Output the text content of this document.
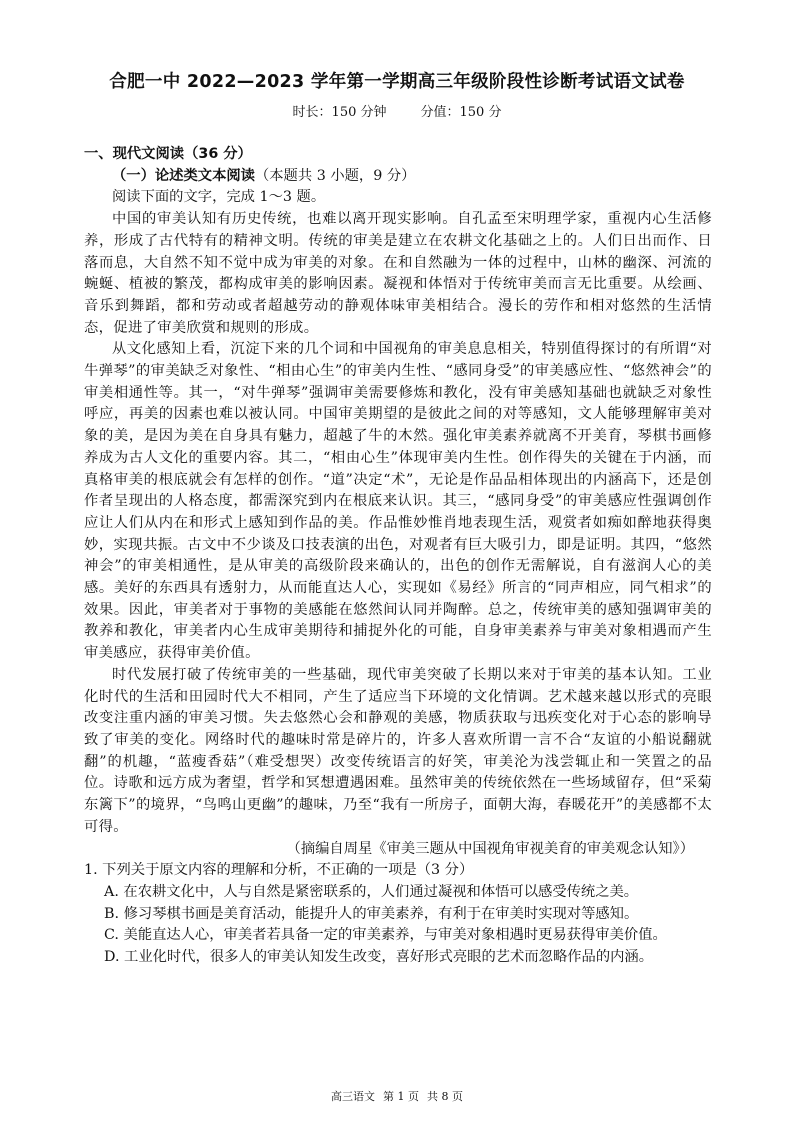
合肥一中 2022—2023 学年第一学期高三年级阶段性诊断考试语文试卷
时长：150 分钟	分值：150 分
一、现代文阅读（36 分）
（一）论述类文本阅读（本题共 3 小题，9 分）
阅读下面的文字，完成 1～3 题。

中国的审美认知有历史传统，也难以离开现实影响。自孔孟至宋明理学家，重视内心生活修养，形成了古代特有的精神文明。传统的审美是建立在农耕文化基础之上的。人们日出而作、日落而息，大自然不知不觉中成为审美的对象。在和自然融为一体的过程中，山林的幽深、河流的蜿蜒、植被的繁茂，都构成审美的影响因素。凝视和体悟对于传统审美而言无比重要。从绘画、音乐到舞蹈，都和劳动或者超越劳动的静观体味审美相结合。漫长的劳作和相对悠然的生活情态，促进了审美欣赏和规则的形成。

从文化感知上看，沉淀下来的几个词和中国视角的审美息息相关，特别值得探讨的有所谓“对牛弹琴”的审美缺乏对象性、“相由心生”的审美内生性、“感同身受”的审美感应性、“悠然神会”的审美相通性等。其一，“对牛弹琴”强调审美需要修炼和教化，没有审美感知基础也就缺乏对象性呼应，再美的因素也难以被认同。中国审美期望的是彼此之间的对等感知，文人能够理解审美对象的美，是因为美在自身具有魅力，超越了牛的木然。强化审美素养就离不开美育，琴棋书画修养成为古人文化的重要内容。其二，“相由心生”体现审美内生性。创作得失的关键在于内涵，而真格审美的根底就会有怎样的创作。“道”决定“术”，无论是作品品相体现出的内涵高下，还是创作者呈现出的人格态度，都需深究到内在根底来认识。其三，“感同身受”的审美感应性强调创作应让人们从内在和形式上感知到作品的美。作品惟妙惟肖地表现生活，观赏者如痴如醉地获得奥妙，实现共振。古文中不少谈及口技表演的出色，对观者有巨大吸引力，即是证明。其四，“悠然神会”的审美相通性，是从审美的高级阶段来确认的，出色的创作无需解说，自有滋润人心的美感。美好的东西具有透射力，从而能直达人心，实现如《易经》所言的“同声相应，同气相求”的效果。因此，审美者对于事物的美感能在悠然间认同并陶醉。总之，传统审美的感知强调审美的教养和教化，审美者内心生成审美期待和捕捉外化的可能，自身审美素养与审美对象相遇而产生审美感应，获得审美价值。

时代发展打破了传统审美的一些基础，现代审美突破了长期以来对于审美的基本认知。工业化时代的生活和田园时代大不相同，产生了适应当下环境的文化情调。艺术越来越以形式的亮眼改变注重内涵的审美习惯。失去悠然心会和静观的美感，物质获取与迅疾变化对于心态的影响导致了审美的变化。网络时代的趣味时常是碎片的，许多人喜欢所谓一言不合“友谊的小船说翻就翻”的机趣，“蓝瘦香菇”（难受想哭）改变传统语言的好笑，审美沦为浅尝辄止和一笑置之的品位。诗歌和远方成为奢望，哲学和冥想遭遇困难。虽然审美的传统依然在一些场域留存，但“采菊东篱下”的境界，“鸟鸣山更幽”的趣味，乃至“我有一所房子，面朝大海，春暖花开”的美感都不太可得。

（摘编自周星《审美三题从中国视角审视美育的审美观念认知》）
1. 下列关于原文内容的理解和分析，不正确的一项是（3 分）
A. 在农耕文化中，人与自然是紧密联系的，人们通过凝视和体悟可以感受传统之美。
B. 修习琴棋书画是美育活动，能提升人的审美素养，有利于在审美时实现对等感知。
C. 美能直达人心，审美者若具备一定的审美素养，与审美对象相遇时更易获得审美价值。
D. 工业化时代，很多人的审美认知发生改变，喜好形式亮眼的艺术而忽略作品的内涵。
高三语文 第 1 页 共 8 页
